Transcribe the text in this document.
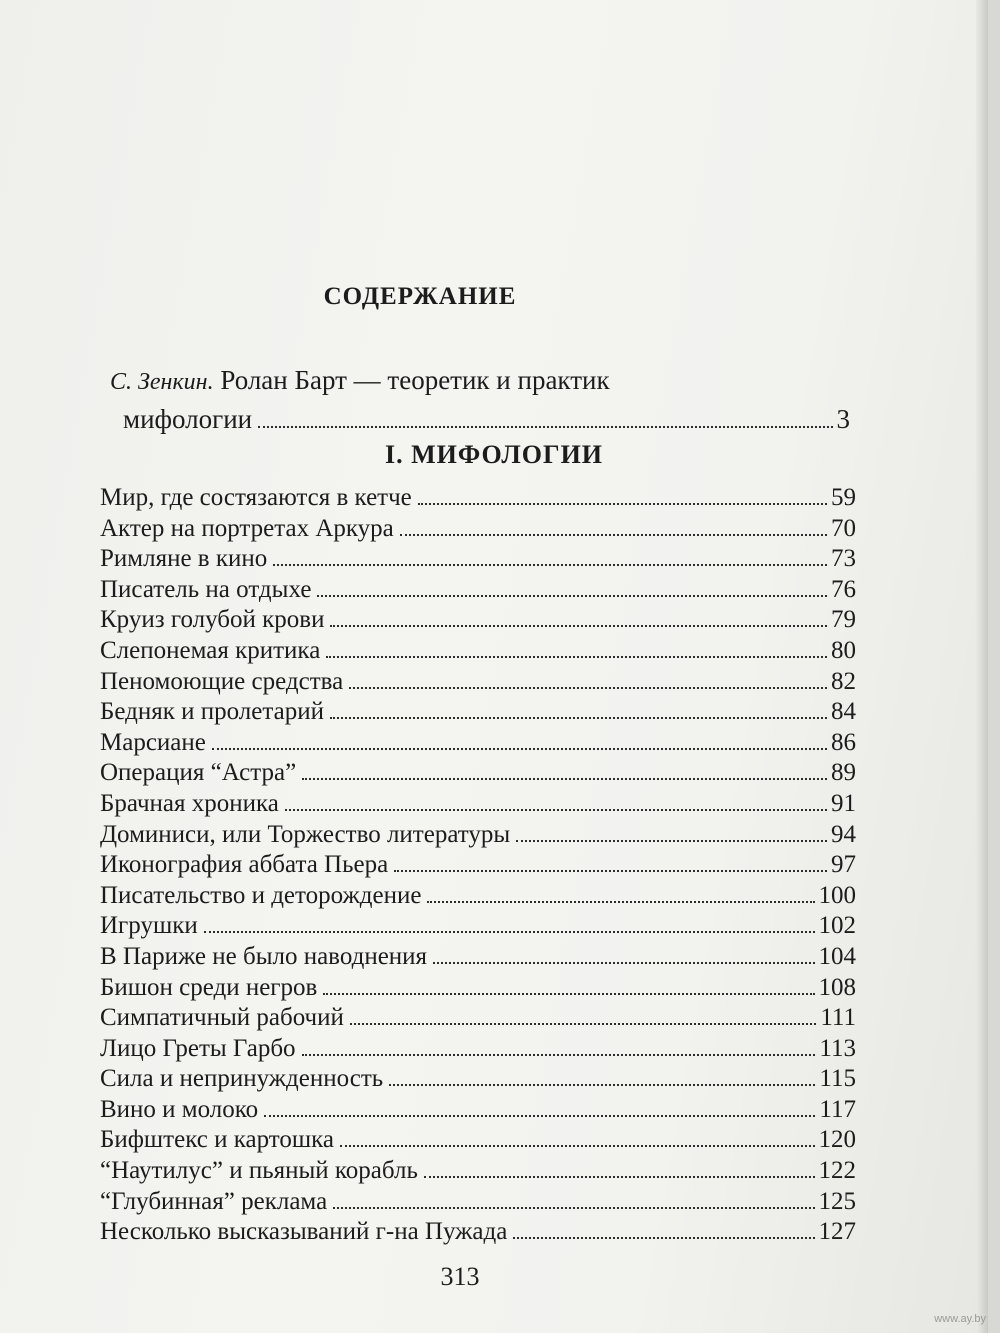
СОДЕРЖАНИЕ
С. Зенкин. Ролан Барт — теоретик и практик
мифологии	3
I. МИФОЛОГИИ
Мир, где состязаются в кетче	59
Актер на портретах Аркура	70
Римляне в кино	73
Писатель на отдыхе	76
Круиз голубой крови	79
Слепонемая критика	80
Пеномоющие средства	82
Бедняк и пролетарий	84
Марсиане	86
Операция “Астра”	89
Брачная хроника	91
Доминиси, или Торжество литературы	94
Иконография аббата Пьера	97
Писательство и деторождение	100
Игрушки	102
В Париже не было наводнения	104
Бишон среди негров	108
Симпатичный рабочий	111
Лицо Греты Гарбо	113
Сила и непринужденность	115
Вино и молоко	117
Бифштекс и картошка	120
“Наутилус” и пьяный корабль	122
“Глубинная” реклама	125
Несколько высказываний г-на Пужада	127
313
www.ay.by
